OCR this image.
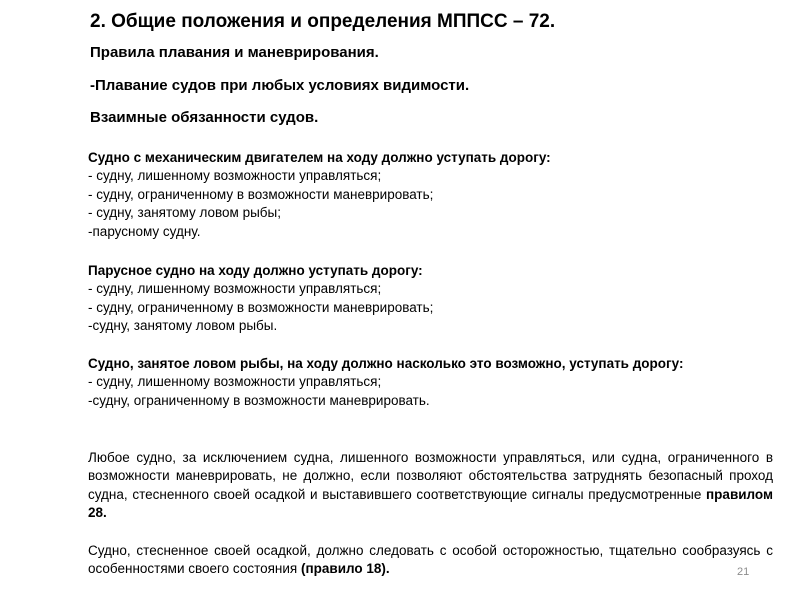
2. Общие положения и определения МППСС – 72.

Правила плавания и маневрирования.

-Плавание судов при любых условиях видимости.

Взаимные обязанности судов.

Судно с механическим двигателем на ходу должно уступать дорогу:
- судну, лишенному возможности управляться;
- судну, ограниченному в возможности маневрировать;
- судну, занятому ловом рыбы;
-парусному судну.
Парусное судно на ходу должно уступать дорогу:
- судну, лишенному возможности управляться;
- судну, ограниченному в возможности маневрировать;
-судну, занятому ловом рыбы.
Судно, занятое ловом рыбы, на ходу должно насколько это возможно, уступать дорогу:
- судну, лишенному возможности управляться;
-судну, ограниченному в возможности маневрировать.

Любое судно, за исключением судна, лишенного возможности управляться, или судна, ограниченного в возможности маневрировать, не должно, если позволяют обстоятельства затруднять безопасный проход судна, стесненного своей осадкой и выставившего соответствующие сигналы предусмотренные правилом 28.

Судно, стесненное своей осадкой, должно следовать с особой осторожностью, тщательно сообразуясь с особенностями своего состояния (правило 18).	21
